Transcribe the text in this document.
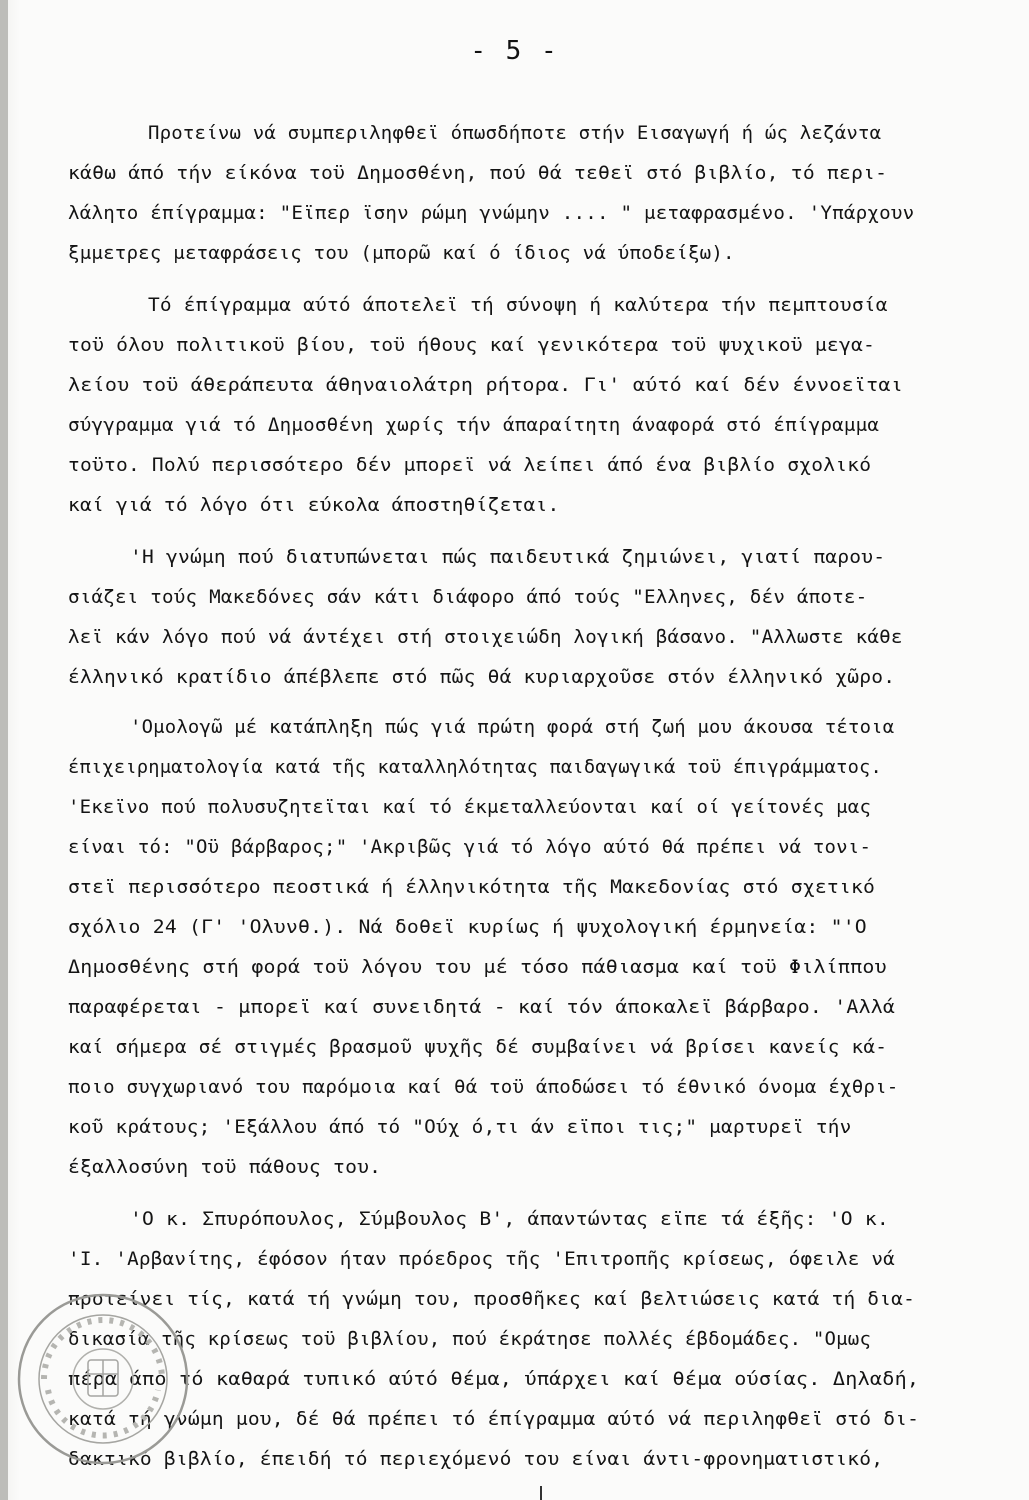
- 5 -
Προτείνω νά συμπεριληφθεϊ όπωσδήποτε στήν Εισαγωγή ή ώς λεζάντα
κάθω άπό τήν είκόνα τοϋ Δημοσθένη, πού θά τεθεϊ στό βιβλίο, τό περι-
λάλητο έπίγραμμα: "Εϊπερ ϊσην ρώμη γνώμην .... " μεταφρασμένο. 'Υπάρχουν
ξμμετρες μεταφράσεις του (μπορῶ καί ό ίδιος νά ύποδείξω).
Τό έπίγραμμα αύτό άποτελεϊ τή σύνοψη ή καλύτερα τήν πεμπτουσία
τοϋ όλου πολιτικοϋ βίου, τοϋ ήθους καί γενικότερα τοϋ ψυχικοϋ μεγα-
λείου τοϋ άθεράπευτα άθηναιολάτρη ρήτορα. Γι' αύτό καί δέν έννοεϊται
σύγγραμμα γιά τό Δημοσθένη χωρίς τήν άπαραίτητη άναφορά στό έπίγραμμα
τοϋτο. Πολύ περισσότερο δέν μπορεϊ νά λείπει άπό ένα βιβλίο σχολικό
καί γιά τό λόγο ότι εύκολα άποστηθίζεται.
'Η γνώμη πού διατυπώνεται πώς παιδευτικά ζημιώνει, γιατί παρου-
σιάζει τούς Μακεδόνες σάν κάτι διάφορο άπό τούς "Ελληνες, δέν άποτε-
λεϊ κάν λόγο πού νά άντέχει στή στοιχειώδη λογική βάσανο. "Αλλωστε κάθε
έλληνικό κρατίδιο άπέβλεπε στό πῶς θά κυριαρχοῦσε στόν έλληνικό χῶρο.
'Ομολογῶ μέ κατάπληξη πώς γιά πρώτη φορά στή ζωή μου άκουσα τέτοια
έπιχειρηματολογία κατά τῆς καταλληλότητας παιδαγωγικά τοϋ έπιγράμματος.
'Εκεϊνο πού πολυσυζητεϊται καί τό έκμεταλλεύονται καί οί γείτονές μας
είναι τό: "Οϋ βάρβαρος;" 'Ακριβῶς γιά τό λόγο αύτό θά πρέπει νά τονι-
στεϊ περισσότερο πεοστικά ή έλληνικότητα τῆς Μακεδονίας στό σχετικό
σχόλιο 24 (Γ' 'Ολυνθ.). Νά δοθεϊ κυρίως ή ψυχολογική έρμηνεία: "'Ο
Δημοσθένης στή φορά τοϋ λόγου του μέ τόσο πάθιασμα καί τοϋ Φιλίππου
παραφέρεται - μπορεϊ καί συνειδητά - καί τόν άποκαλεϊ βάρβαρο. 'Αλλά
καί σήμερα σέ στιγμές βρασμοῦ ψυχῆς δέ συμβαίνει νά βρίσει κανείς κά-
ποιο συγχωριανό του παρόμοια καί θά τοϋ άποδώσει τό έθνικό όνομα έχθρι-
κοῦ κράτους; 'Εξάλλου άπό τό "Ούχ ό,τι άν εϊποι τις;" μαρτυρεϊ τήν
έξαλλοσύνη τοϋ πάθους του.
'Ο κ. Σπυρόπουλος, Σύμβουλος Β', άπαντώντας εϊπε τά έξῆς: 'Ο κ.
'Ι. 'Αρβανίτης, έφόσον ήταν πρόεδρος τῆς 'Επιτροπῆς κρίσεως, όφειλε νά
προτείνει τίς, κατά τή γνώμη του, προσθῆκες καί βελτιώσεις κατά τή δια-
δικασία τῆς κρίσεως τοϋ βιβλίου, πού έκράτησε πολλές έβδομάδες. "Ομως
πέρα άπό τό καθαρά τυπικό αύτό θέμα, ύπάρχει καί θέμα ούσίας. Δηλαδή,
κατά τή γνώμη μου, δέ θά πρέπει τό έπίγραμμα αύτό νά περιληφθεϊ στό δι-
δακτικό βιβλίο, έπειδή τό περιεχόμενό του είναι άντι-φρονηματιστικό,
